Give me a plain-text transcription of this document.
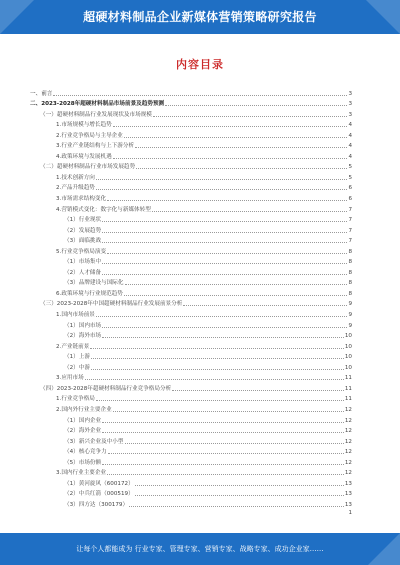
超硬材料制品企业新媒体营销策略研究报告
内容目录
一、前言	3
二、2023-2028年超硬材料制品市场前景及趋势预测	3
（一）超硬材料制品行业发展现状及市场规模	3
1.市场规模与增长趋势	4
2.行业竞争格局与主导企业	4
3.行业产业链结构与上下游分析	4
4.政策环境与发展机遇	4
（二）超硬材料制品行业市场发展趋势	5
1.技术创新方向	5
2.产品升级趋势	6
3.市场需求结构变化	6
4.营销模式变化：数字化与新媒体转型	7
（1）行业现状	7
（2）发展趋势	7
（3）面临挑战	7
5.行业竞争格局演变	8
（1）市场集中	8
（2）人才储备	8
（3）品牌建设与国际化	8
6.政策环境与行业规范趋势	8
（三）2023-2028年中国超硬材料制品行业发展前景分析	9
1.国内市场前景	9
（1）国内市场	9
（2）海外市场	10
2.产业链前景	10
（1）上游	10
（2）中游	10
3.应用市场	11
（四）2023-2028年超硬材料制品行业竞争格局分析	11
1.行业竞争格局	11
2.国内外行业主要企业	12
（1）国内企业	12
（2）海外企业	12
（3）新兴企业及中小型	12
（4）核心竞争力	12
（5）市场份额	12
3.国内行业主要企业	12
（1）黄河旋风（600172）	13
（2）中兵红箭（000519）	13
（3）四方达（300179）	13
1
让每个人都能成为 行业专家、管理专家、营销专家、战略专家、成功企业家……
